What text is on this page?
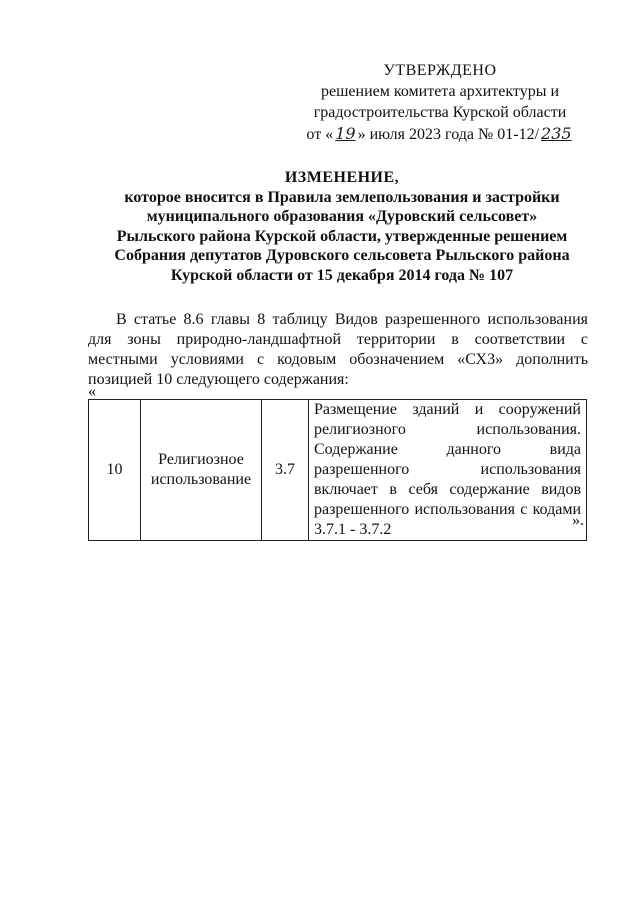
УТВЕРЖДЕНО
решением комитета архитектуры и
градостроительства Курской области
от « 19 » июля 2023 года № 01-12/ 235
ИЗМЕНЕНИЕ,
которое вносится в Правила землепользования и застройки
муниципального образования «Дуровский сельсовет»
Рыльского района Курской области, утвержденные решением
Собрания депутатов Дуровского сельсовета Рыльского района
Курской области от 15 декабря 2014 года № 107

В статье 8.6 главы 8 таблицу Видов разрешенного использования для зоны природно-ландшафтной территории в соответствии с местными условиями с кодовым обозначением «СХ3» дополнить позицией 10 следующего содержания:

«
10	Религиозное использование	3.7	Размещение зданий и сооружений религиозного использования. Содержание данного вида разрешенного использования включает в себя содержание видов разрешенного использования с кодами 3.7.1 - 3.7.2
».
